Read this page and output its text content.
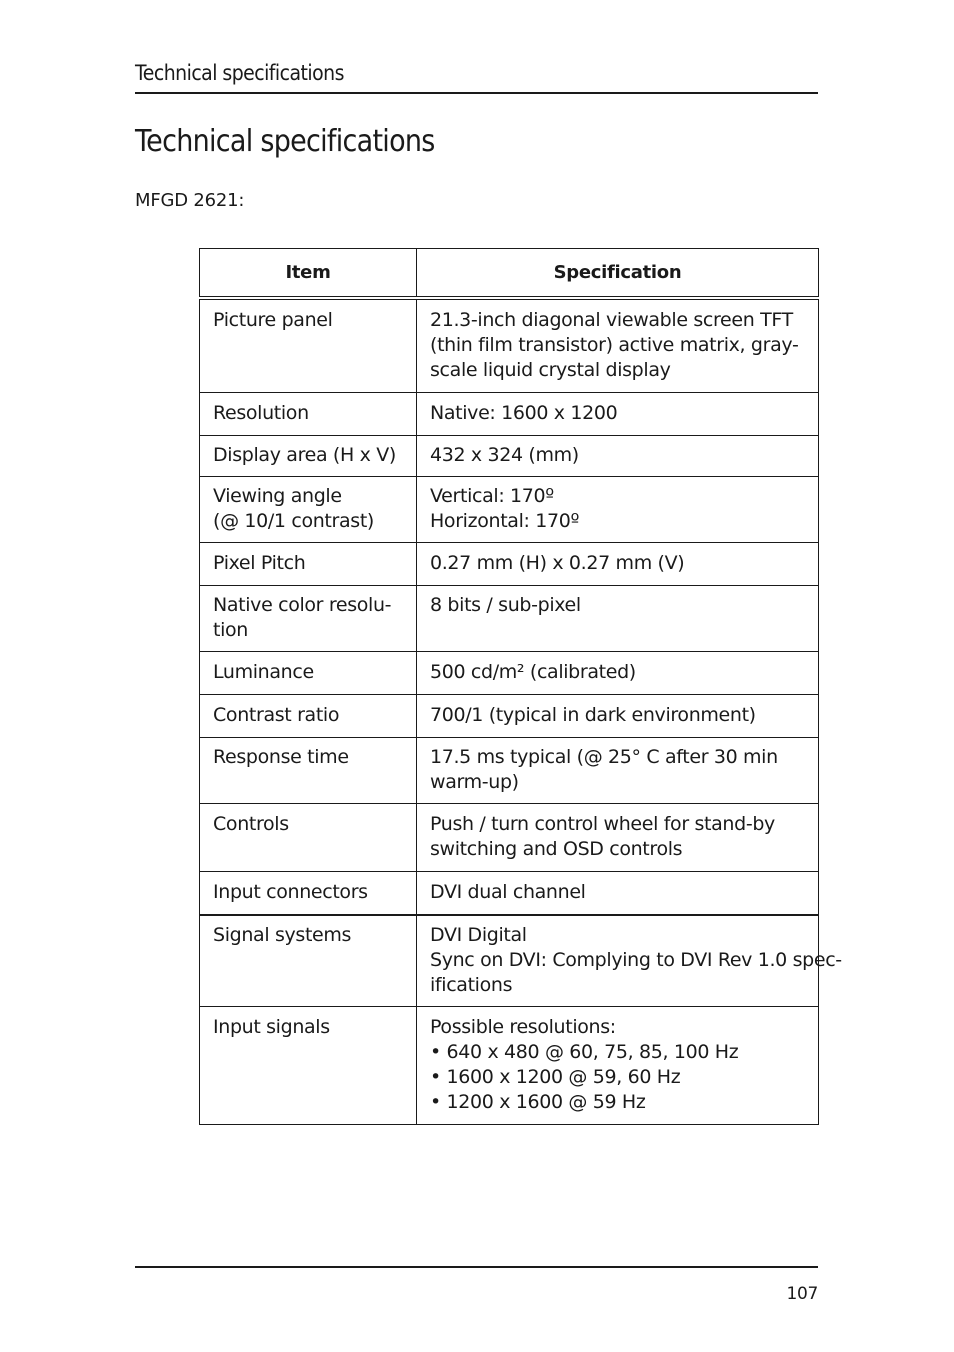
Technical specifications
Technical specifications
MFGD 2621:
Item	Specification

Picture panel	21.3-inch diagonal viewable screen TFT
(thin film transistor) active matrix, gray-
scale liquid crystal display

Resolution	Native: 1600 x 1200

Display area (H x V)	432 x 324 (mm)

Viewing angle
(@ 10/1 contrast)	Vertical: 170º
Horizontal: 170º

Pixel Pitch	0.27 mm (H) x 0.27 mm (V)

Native color resolu-
tion	8 bits / sub-pixel

Luminance	500 cd/m² (calibrated)

Contrast ratio	700/1 (typical in dark environment)

Response time	17.5 ms typical (@ 25° C after 30 min
warm-up)

Controls	Push / turn control wheel for stand-by
switching and OSD controls

Input connectors	DVI dual channel

Signal systems	DVI Digital
Sync on DVI: Complying to DVI Rev 1.0 spec-
ifications

Input signals	Possible resolutions:
• 640 x 480 @ 60, 75, 85, 100 Hz
• 1600 x 1200 @ 59, 60 Hz
• 1200 x 1600 @ 59 Hz
107
